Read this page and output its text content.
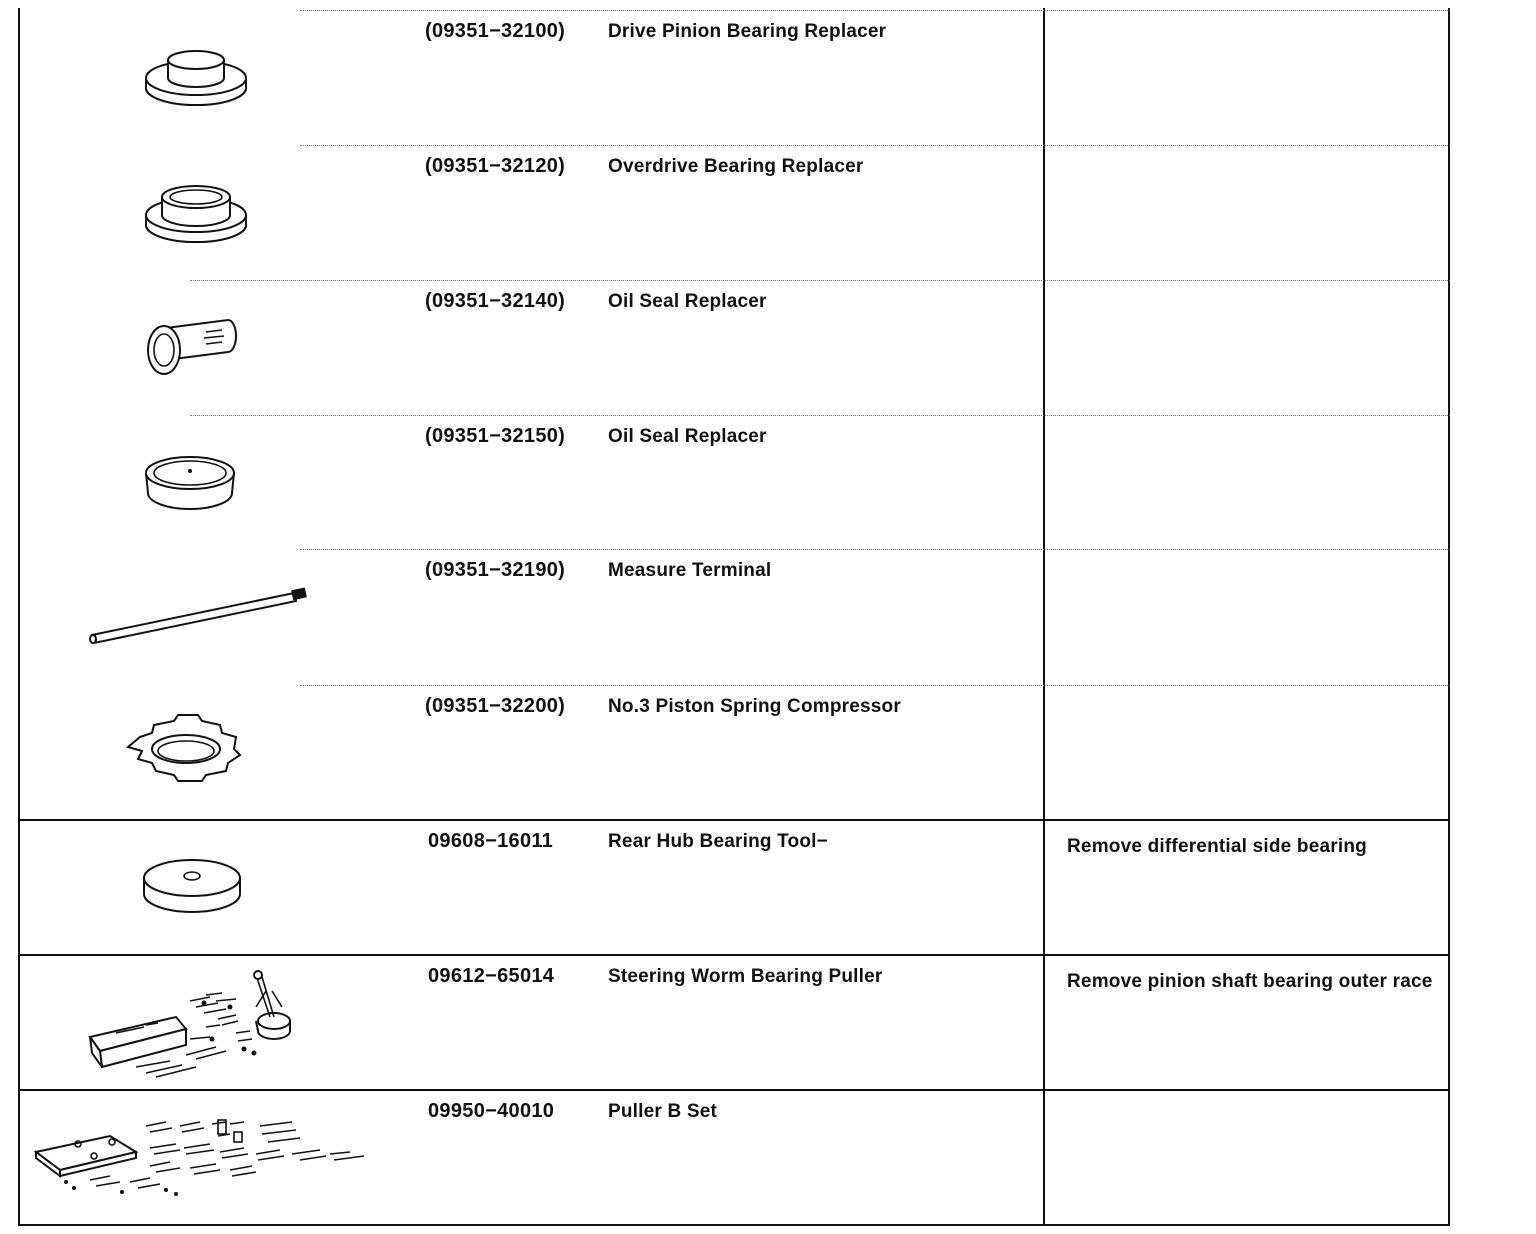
(09351−32100) Drive Pinion Bearing Replacer
(09351−32120) Overdrive Bearing Replacer
(09351−32140) Oil Seal Replacer
(09351−32150) Oil Seal Replacer
(09351−32190) Measure Terminal
(09351−32200) No.3 Piston Spring Compressor
09608−16011	Rear Hub Bearing Tool−	Remove differential side bearing
09612−65014	Steering Worm Bearing Puller	Remove pinion shaft bearing outer race
09950−40010	Puller B Set
